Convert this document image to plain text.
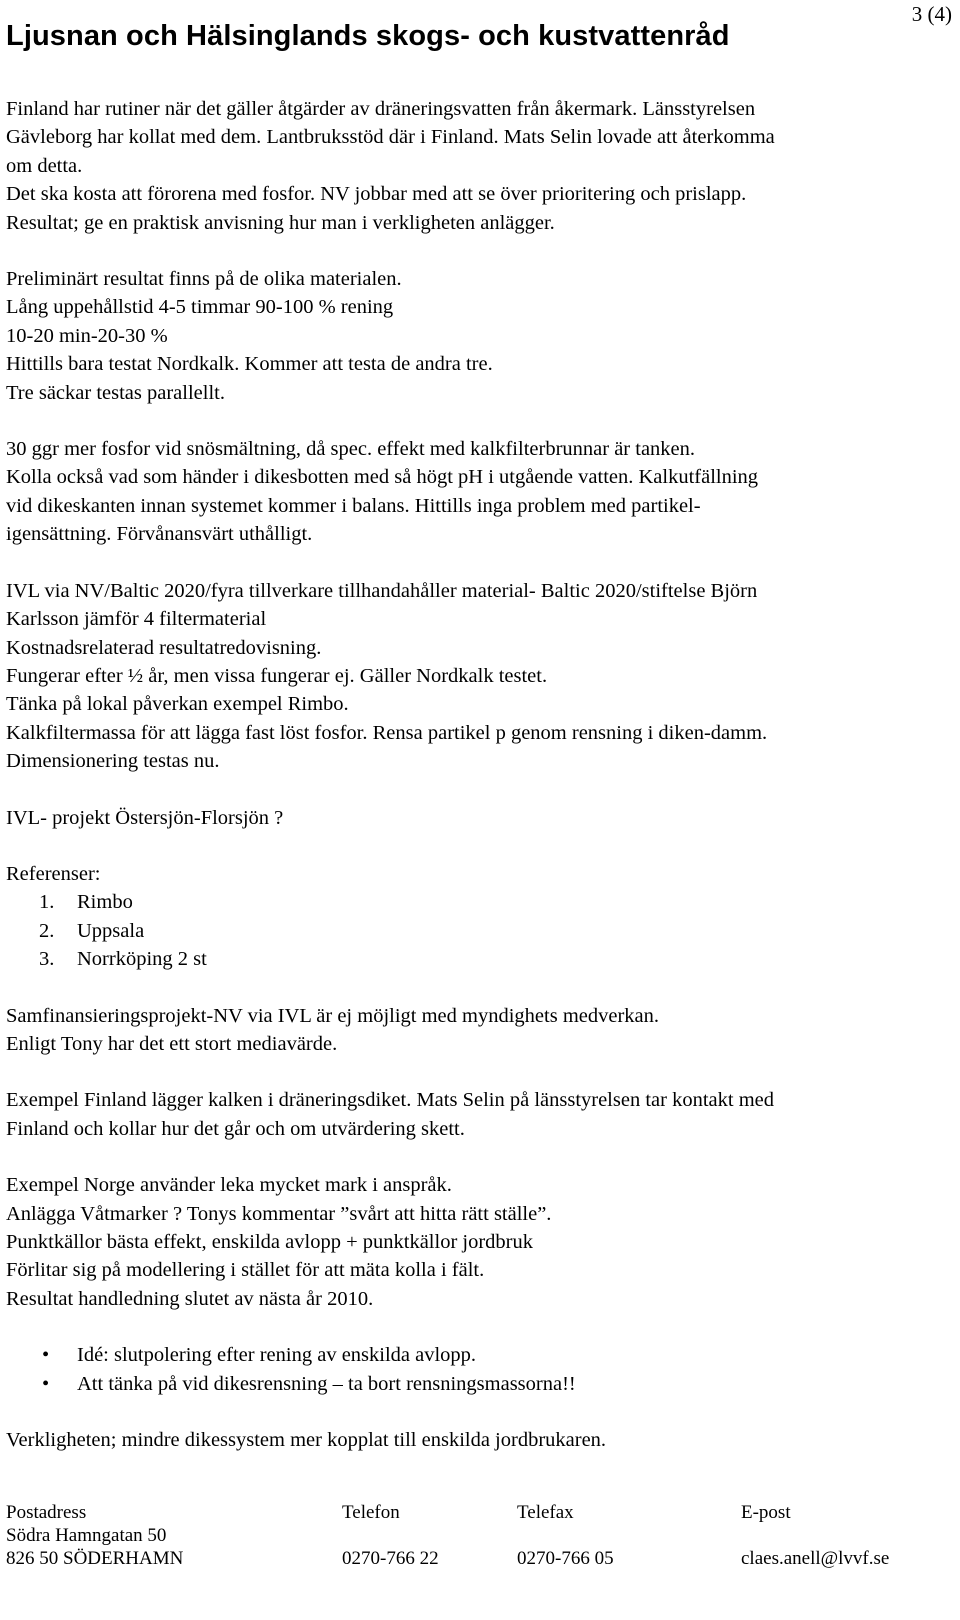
Ljusnan och Hälsinglands skogs- och kustvattenråd
3 (4)
Finland har rutiner när det gäller åtgärder av dräneringsvatten från åkermark. Länsstyrelsen
Gävleborg har kollat med dem. Lantbruksstöd där i Finland. Mats Selin lovade att återkomma
om detta.
Det ska kosta att förorena med fosfor. NV jobbar med att se över prioritering och prislapp.
Resultat; ge en praktisk anvisning hur man i verkligheten anlägger.
Preliminärt resultat finns på de olika materialen.
Lång uppehållstid 4-5 timmar 90-100 % rening
10-20 min-20-30 %
Hittills bara testat Nordkalk. Kommer att testa de andra tre.
Tre säckar testas parallellt.
30 ggr mer fosfor vid snösmältning, då spec. effekt med kalkfilterbrunnar är tanken.
Kolla också vad som händer i dikesbotten med så högt pH i utgående vatten. Kalkutfällning
vid dikeskanten innan systemet kommer i balans. Hittills inga problem med partikel-
igensättning. Förvånansvärt uthålligt.
IVL via NV/Baltic 2020/fyra tillverkare tillhandahåller material- Baltic 2020/stiftelse Björn
Karlsson jämför 4 filtermaterial
Kostnadsrelaterad resultatredovisning.
Fungerar efter ½ år, men vissa fungerar ej. Gäller Nordkalk testet.
Tänka på lokal påverkan exempel Rimbo.
Kalkfiltermassa för att lägga fast löst fosfor. Rensa partikel p genom rensning i diken-damm.
Dimensionering testas nu.
IVL- projekt Östersjön-Florsjön ?
Referenser:
1. Rimbo
2. Uppsala
3. Norrköping 2 st
Samfinansieringsprojekt-NV via IVL är ej möjligt med myndighets medverkan.
Enligt Tony har det ett stort mediavärde.
Exempel Finland lägger kalken i dräneringsdiket. Mats Selin på länsstyrelsen tar kontakt med
Finland och kollar hur det går och om utvärdering skett.
Exempel Norge använder leka mycket mark i anspråk.
Anlägga Våtmarker ? Tonys kommentar ”svårt att hitta rätt ställe”.
Punktkällor bästa effekt, enskilda avlopp + punktkällor jordbruk
Förlitar sig på modellering i stället för att mäta kolla i fält.
Resultat handledning slutet av nästa år 2010.
• Idé: slutpolering efter rening av enskilda avlopp.
• Att tänka på vid dikesrensning – ta bort rensningsmassorna!!
Verkligheten; mindre dikessystem mer kopplat till enskilda jordbrukaren.
Postadress
Södra Hamngatan 50
826 50 SÖDERHAMN
Telefon

0270-766 22
Telefax

0270-766 05
E-post

claes.anell@lvvf.se
